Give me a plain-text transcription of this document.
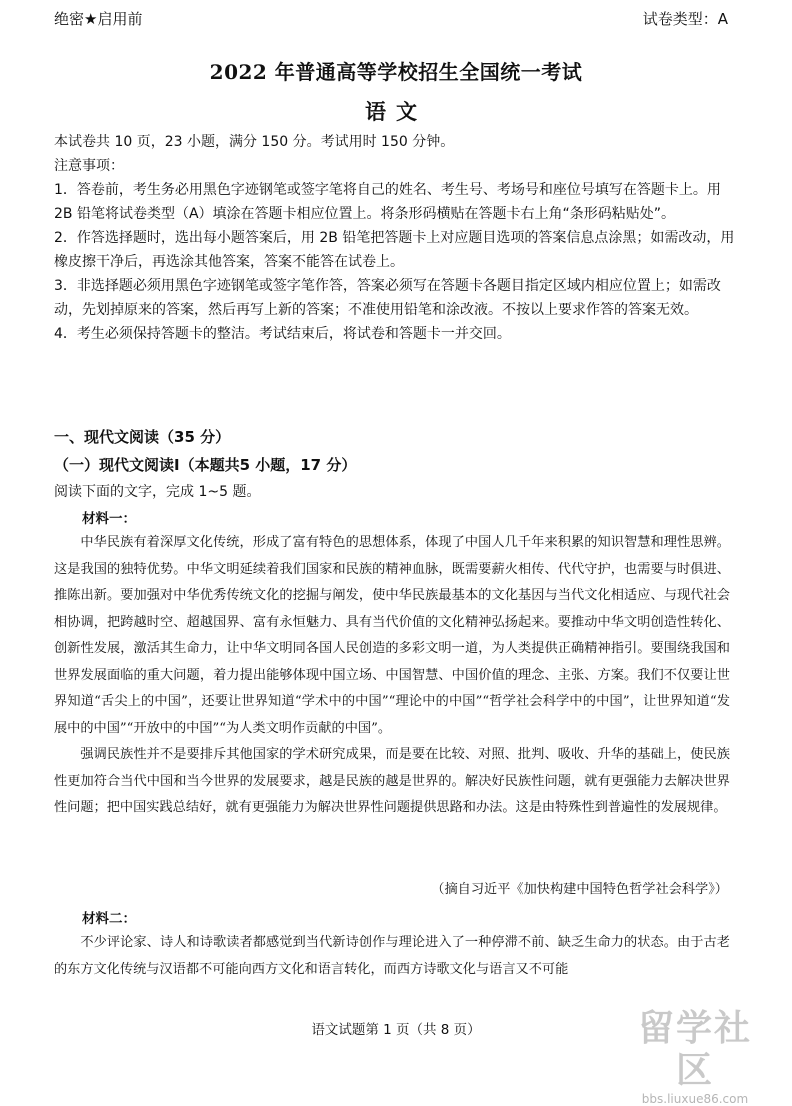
绝密★启用前	试卷类型：A
2022 年普通高等学校招生全国统一考试
语文

本试卷共 10 页，23 小题，满分 150 分。考试用时 150 分钟。

注意事项：

1．答卷前，考生务必用黑色字迹钢笔或签字笔将自己的姓名、考生号、考场号和座位号填写在答题卡上。用 2B 铅笔将试卷类型（A）填涂在答题卡相应位置上。将条形码横贴在答题卡右上角“条形码粘贴处”。

2．作答选择题时，选出每小题答案后，用 2B 铅笔把答题卡上对应题目选项的答案信息点涂黑；如需改动，用橡皮擦干净后，再选涂其他答案，答案不能答在试卷上。

3．非选择题必须用黑色字迹钢笔或签字笔作答，答案必须写在答题卡各题目指定区域内相应位置上；如需改动，先划掉原来的答案，然后再写上新的答案；不准使用铅笔和涂改液。不按以上要求作答的答案无效。

4．考生必须保持答题卡的整洁。考试结束后，将试卷和答题卡一并交回。

一、现代文阅读（35 分）
（一）现代文阅读Ⅰ（本题共5 小题，17 分）
阅读下面的文字，完成 1~5 题。
材料一：

中华民族有着深厚文化传统，形成了富有特色的思想体系，体现了中国人几千年来积累的知识智慧和理性思辨。这是我国的独特优势。中华文明延续着我们国家和民族的精神血脉，既需要薪火相传、代代守护，也需要与时俱进、推陈出新。要加强对中华优秀传统文化的挖掘与阐发，使中华民族最基本的文化基因与当代文化相适应、与现代社会相协调，把跨越时空、超越国界、富有永恒魅力、具有当代价值的文化精神弘扬起来。要推动中华文明创造性转化、创新性发展，激活其生命力，让中华文明同各国人民创造的多彩文明一道，为人类提供正确精神指引。要围绕我国和世界发展面临的重大问题，着力提出能够体现中国立场、中国智慧、中国价值的理念、主张、方案。我们不仅要让世界知道“舌尖上的中国”，还要让世界知道“学术中的中国”“理论中的中国”“哲学社会科学中的中国”，让世界知道“发展中的中国”“开放中的中国”“为人类文明作贡献的中国”。

强调民族性并不是要排斥其他国家的学术研究成果，而是要在比较、对照、批判、吸收、升华的基础上，使民族性更加符合当代中国和当今世界的发展要求，越是民族的越是世界的。解决好民族性问题，就有更强能力去解决世界性问题；把中国实践总结好，就有更强能力为解决世界性问题提供思路和办法。这是由特殊性到普遍性的发展规律。

（摘自习近平《加快构建中国特色哲学社会科学》）
材料二：

不少评论家、诗人和诗歌读者都感觉到当代新诗创作与理论进入了一种停滞不前、缺乏生命力的状态。由于古老的东方文化传统与汉语都不可能向西方文化和语言转化，而西方诗歌文化与语言又不可能

语文试题第 1 页（共 8 页）	留学社区
bbs.liuxue86.com
